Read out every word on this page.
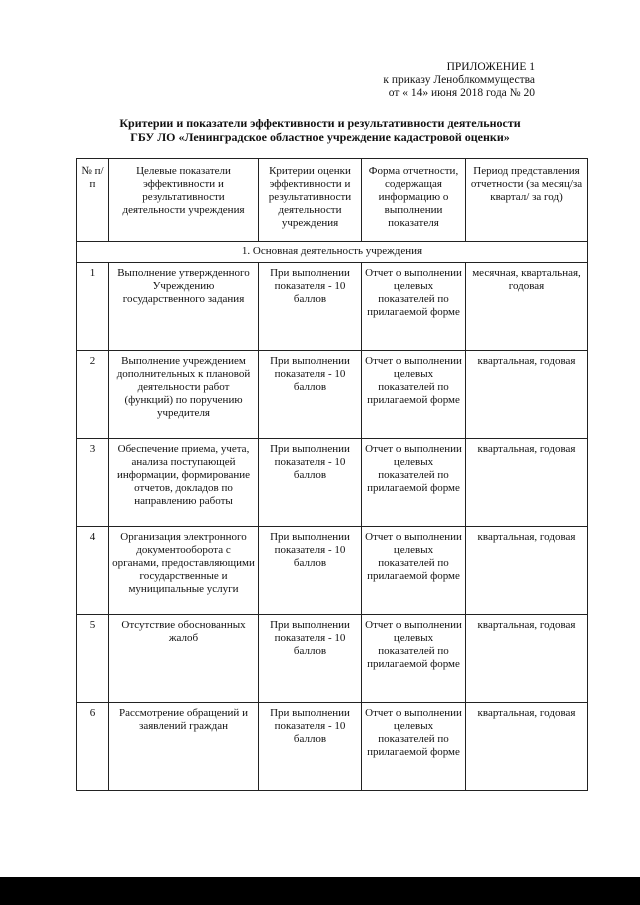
ПРИЛОЖЕНИЕ 1
к приказу Леноблкоммущества
от « 14» июня 2018 года № 20
Критерии и показатели эффективности и результативности деятельности
ГБУ ЛО «Ленинградское областное учреждение кадастровой оценки»
№ п/п	Целевые показатели эффективности и результативности деятельности учреждения	Критерии оценки эффективности и результативности деятельности учреждения	Форма отчетности, содержащая информацию о выполнении показателя	Период представления отчетности (за месяц/за квартал/ за год)
1. Основная деятельность учреждения				
1	Выполнение утвержденного Учреждению государственного задания	При выполнении показателя - 10 баллов	Отчет о выполнении целевых показателей по прилагаемой форме	месячная, квартальная, годовая
2	Выполнение учреждением дополнительных к плановой деятельности работ (функций) по поручению учредителя	При выполнении показателя - 10 баллов	Отчет о выполнении целевых показателей по прилагаемой форме	квартальная, годовая
3	Обеспечение приема, учета, анализа поступающей информации, формирование отчетов, докладов по направлению работы	При выполнении показателя - 10 баллов	Отчет о выполнении целевых показателей по прилагаемой форме	квартальная, годовая
4	Организация электронного документооборота с органами, предоставляющими государственные и муниципальные услуги	При выполнении показателя - 10 баллов	Отчет о выполнении целевых показателей по прилагаемой форме	квартальная, годовая
5	Отсутствие обоснованных жалоб	При выполнении показателя - 10 баллов	Отчет о выполнении целевых показателей по прилагаемой форме	квартальная, годовая
6	Рассмотрение обращений и заявлений граждан	При выполнении показателя - 10 баллов	Отчет о выполнении целевых показателей по прилагаемой форме	квартальная, годовая
